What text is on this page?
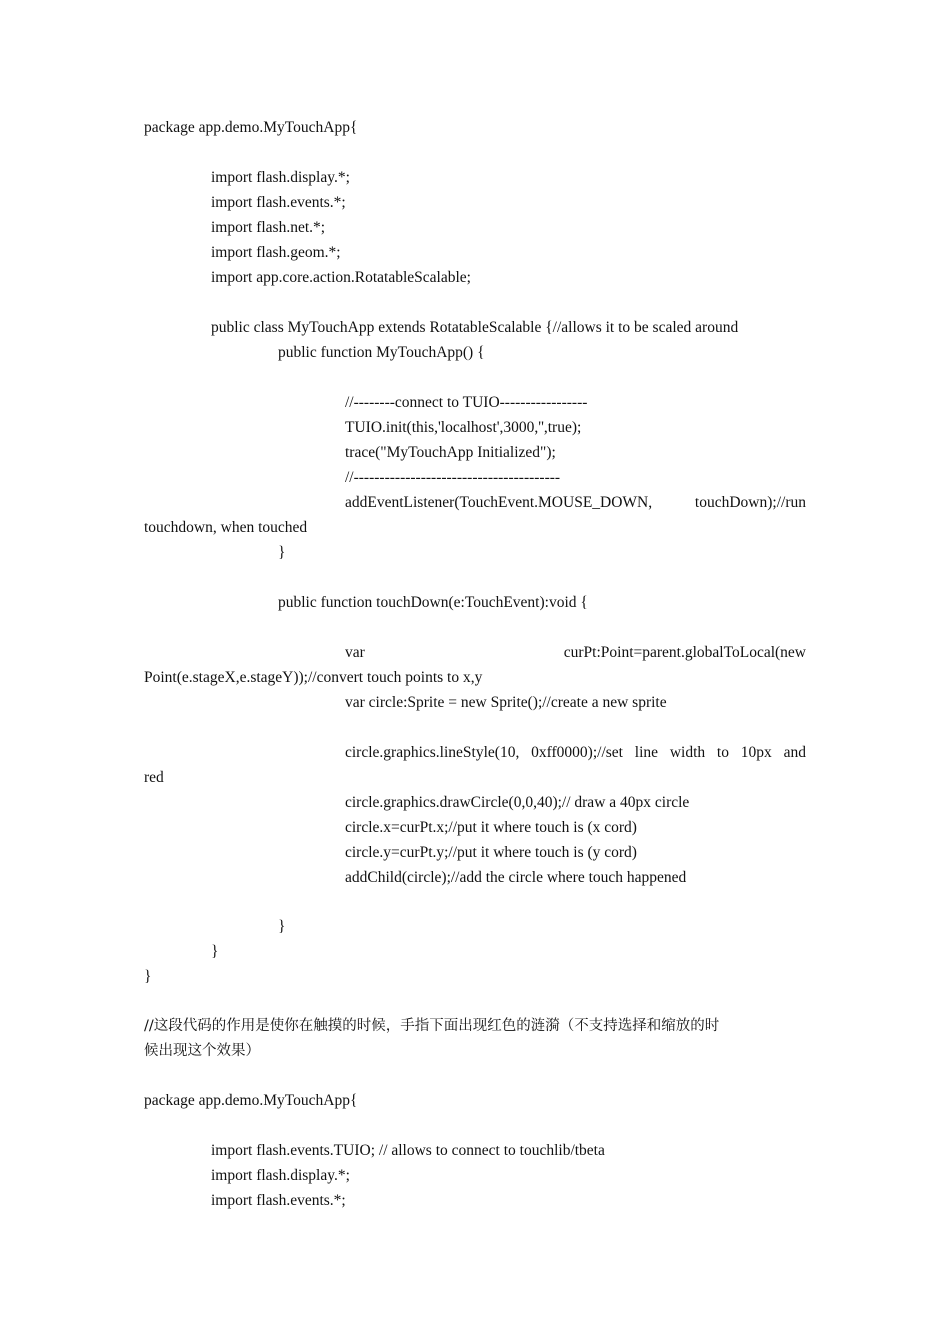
package app.demo.MyTouchApp{
import flash.display.*;
import flash.events.*;
import flash.net.*;
import flash.geom.*;
import app.core.action.RotatableScalable;
public class MyTouchApp extends RotatableScalable {//allows it to be scaled around
public function MyTouchApp() {
//--------connect to TUIO-----------------
TUIO.init(this,'localhost',3000,'',true);
trace("MyTouchApp Initialized");
//----------------------------------------
addEventListener(TouchEvent.MOUSE_DOWN,	touchDown);//run
touchdown, when touched
}
public function touchDown(e:TouchEvent):void {
var	curPt:Point=parent.globalToLocal(new
Point(e.stageX,e.stageY));//convert touch points to x,y
var circle:Sprite = new Sprite();//create a new sprite
circle.graphics.lineStyle(10, 0xff0000);//set line width to 10px and
red
circle.graphics.drawCircle(0,0,40);// draw a 40px circle
circle.x=curPt.x;//put it where touch is (x cord)
circle.y=curPt.y;//put it where touch is (y cord)
addChild(circle);//add the circle where touch happened
}
}
}
//这段代码的作用是使你在触摸的时候，手指下面出现红色的涟漪（不支持选择和缩放的时
候出现这个效果）
package app.demo.MyTouchApp{
import flash.events.TUIO; // allows to connect to touchlib/tbeta
import flash.display.*;
import flash.events.*;
